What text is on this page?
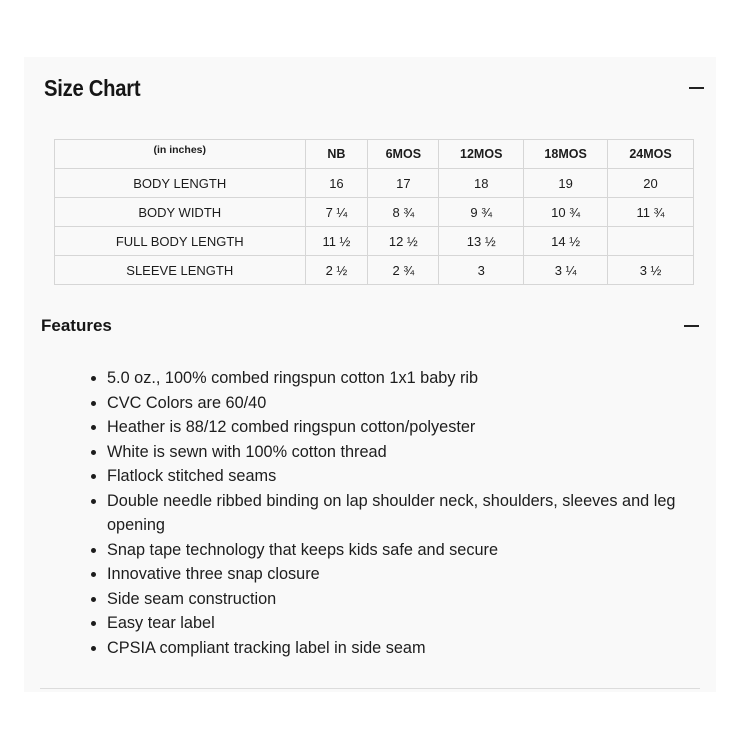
Size Chart
(in inches)	NB	6MOS	12MOS	18MOS	24MOS
BODY LENGTH	16	17	18	19	20
BODY WIDTH	7 ¼	8 ¾	9 ¾	10 ¾	11 ¾
FULL BODY LENGTH	11 ½	12 ½	13 ½	14 ½	
SLEEVE LENGTH	2 ½	2 ¾	3	3 ¼	3 ½
Features
• 5.0 oz., 100% combed ringspun cotton 1x1 baby rib
• CVC Colors are 60/40
• Heather is 88/12 combed ringspun cotton/polyester
• White is sewn with 100% cotton thread
• Flatlock stitched seams
• Double needle ribbed binding on lap shoulder neck, shoulders, sleeves and leg opening
• Snap tape technology that keeps kids safe and secure
• Innovative three snap closure
• Side seam construction
• Easy tear label
• CPSIA compliant tracking label in side seam
